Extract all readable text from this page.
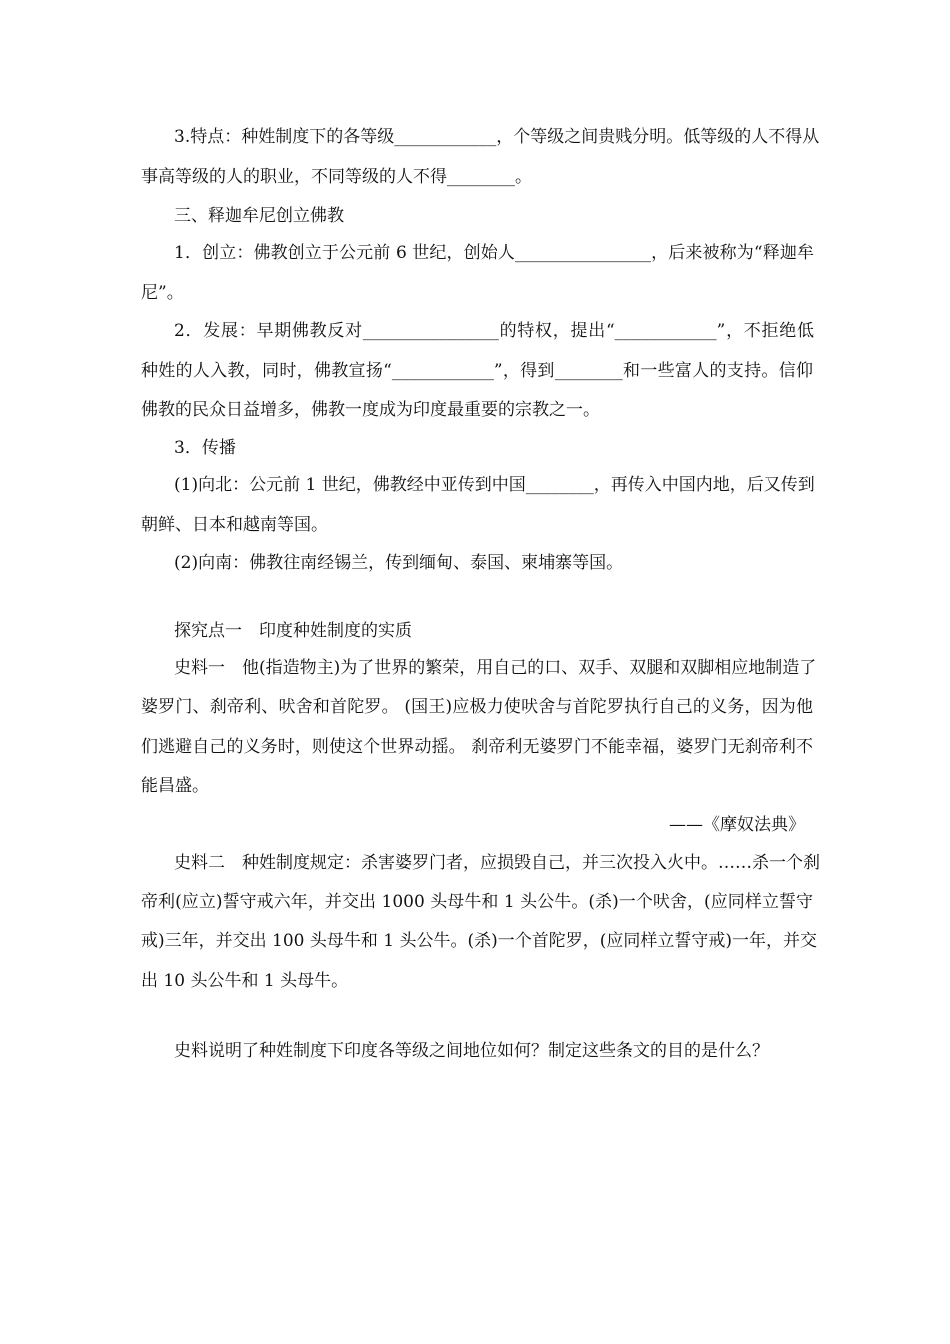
3.特点：种姓制度下的各等级____________，个等级之间贵贱分明。低等级的人不得从
事高等级的人的职业，不同等级的人不得________。
三、释迦牟尼创立佛教
1．创立：佛教创立于公元前 6 世纪，创始人________________，后来被称为“释迦牟
尼”。
2．发展：早期佛教反对________________的特权，提出“____________”，不拒绝低
种姓的人入教，同时，佛教宣扬“____________”，得到________和一些富人的支持。信仰
佛教的民众日益增多，佛教一度成为印度最重要的宗教之一。
3．传播
(1)向北：公元前 1 世纪，佛教经中亚传到中国________，再传入中国内地，后又传到
朝鲜、日本和越南等国。
(2)向南：佛教往南经锡兰，传到缅甸、泰国、柬埔寨等国。
探究点一　印度种姓制度的实质
史料一　他(指造物主)为了世界的繁荣，用自己的口、双手、双腿和双脚相应地制造了
婆罗门、刹帝利、吠舍和首陀罗。 (国王)应极力使吠舍与首陀罗执行自己的义务，因为他
们逃避自己的义务时，则使这个世界动摇。 刹帝利无婆罗门不能幸福，婆罗门无刹帝利不
能昌盛。
——《摩奴法典》
史料二　种姓制度规定：杀害婆罗门者，应损毁自己，并三次投入火中。……杀一个刹
帝利(应立)誓守戒六年，并交出 1000 头母牛和 1 头公牛。(杀)一个吠舍，(应同样立誓守
戒)三年，并交出 100 头母牛和 1 头公牛。(杀)一个首陀罗，(应同样立誓守戒)一年，并交
出 10 头公牛和 1 头母牛。
史料说明了种姓制度下印度各等级之间地位如何？制定这些条文的目的是什么？
